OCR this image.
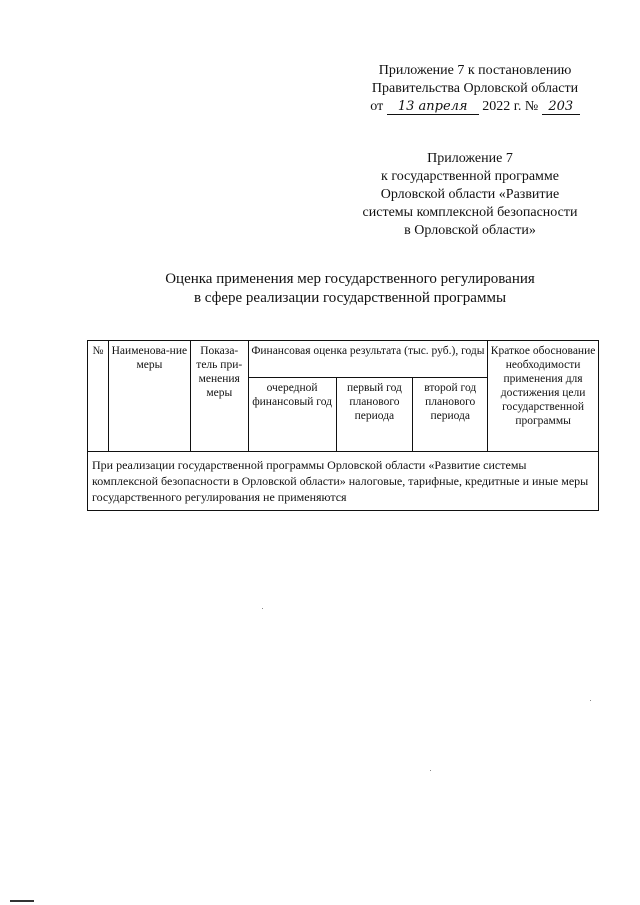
Приложение 7 к постановлению
Правительства Орловской области
от 13 апреля 2022 г. № 203
Приложение 7
к государственной программе
Орловской области «Развитие
системы комплексной безопасности
в Орловской области»
Оценка применения мер государственного регулирования
в сфере реализации государственной программы
№	Наименова-ние меры	Показа-тель при-менения меры	Финансовая оценка результата (тыс. руб.), годы			Краткое обоснование необходимости применения для достижения цели государственной программы
			очередной финансовый год	первый год планового периода	второй год планового периода	
При реализации государственной программы Орловской области «Развитие системы комплексной безопасности в Орловской области» налоговые, тарифные, кредитные и иные меры государственного регулирования не применяются						
